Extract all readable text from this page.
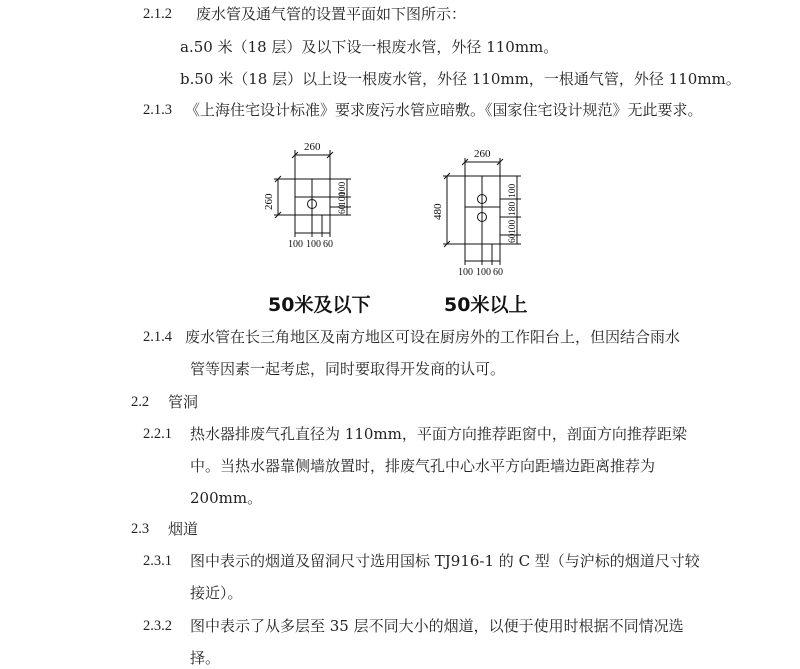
2.1.2 废水管及通气管的设置平面如下图所示：
a.50 米（18 层）及以下设一根废水管，外径 110mm。
b.50 米（18 层）以上设一根废水管，外径 110mm，一根通气管，外径 110mm。
2.1.3 《上海住宅设计标准》要求废污水管应暗敷。《国家住宅设计规范》无此要求。
260
260	60
100
100
100 100 60
260
480
60
100
180
100
100 100 60
50米及以下	50米以上
2.1.4 废水管在长三角地区及南方地区可设在厨房外的工作阳台上，但因结合雨水
管等因素一起考虑，同时要取得开发商的认可。
2.2 管洞
2.2.1 热水器排废气孔直径为 110mm，平面方向推荐距窗中，剖面方向推荐距梁
中。当热水器靠侧墙放置时，排废气孔中心水平方向距墙边距离推荐为
200mm。
2.3 烟道
2.3.1 图中表示的烟道及留洞尺寸选用国标 TJ916-1 的 C 型（与沪标的烟道尺寸较
接近）。
2.3.2 图中表示了从多层至 35 层不同大小的烟道，以便于使用时根据不同情况选
择。
